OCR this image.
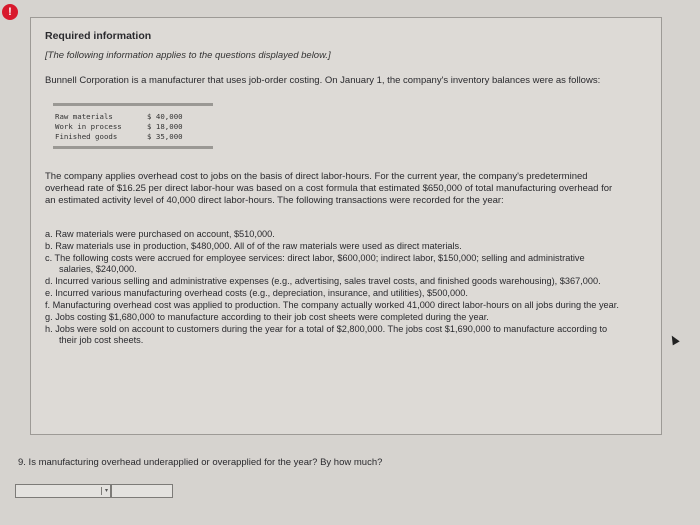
!

Required information

[The following information applies to the questions displayed below.]

Bunnell Corporation is a manufacturer that uses job-order costing. On January 1, the company's inventory balances were as follows:

Raw materials	$ 40,000
Work in process	$ 18,000
Finished goods	$ 35,000

The company applies overhead cost to jobs on the basis of direct labor-hours. For the current year, the company's predetermined overhead rate of $16.25 per direct labor-hour was based on a cost formula that estimated $650,000 of total manufacturing overhead for an estimated activity level of 40,000 direct labor-hours. The following transactions were recorded for the year:

a. Raw materials were purchased on account, $510,000.
b. Raw materials use in production, $480,000. All of of the raw materials were used as direct materials.
c. The following costs were accrued for employee services: direct labor, $600,000; indirect labor, $150,000; selling and administrative salaries, $240,000.
d. Incurred various selling and administrative expenses (e.g., advertising, sales travel costs, and finished goods warehousing), $367,000.
e. Incurred various manufacturing overhead costs (e.g., depreciation, insurance, and utilities), $500,000.
f. Manufacturing overhead cost was applied to production. The company actually worked 41,000 direct labor-hours on all jobs during the year.
g. Jobs costing $1,680,000 to manufacture according to their job cost sheets were completed during the year.
h. Jobs were sold on account to customers during the year for a total of $2,800,000. The jobs cost $1,690,000 to manufacture according to their job cost sheets.
9. Is manufacturing overhead underapplied or overapplied for the year? By how much?
▾
